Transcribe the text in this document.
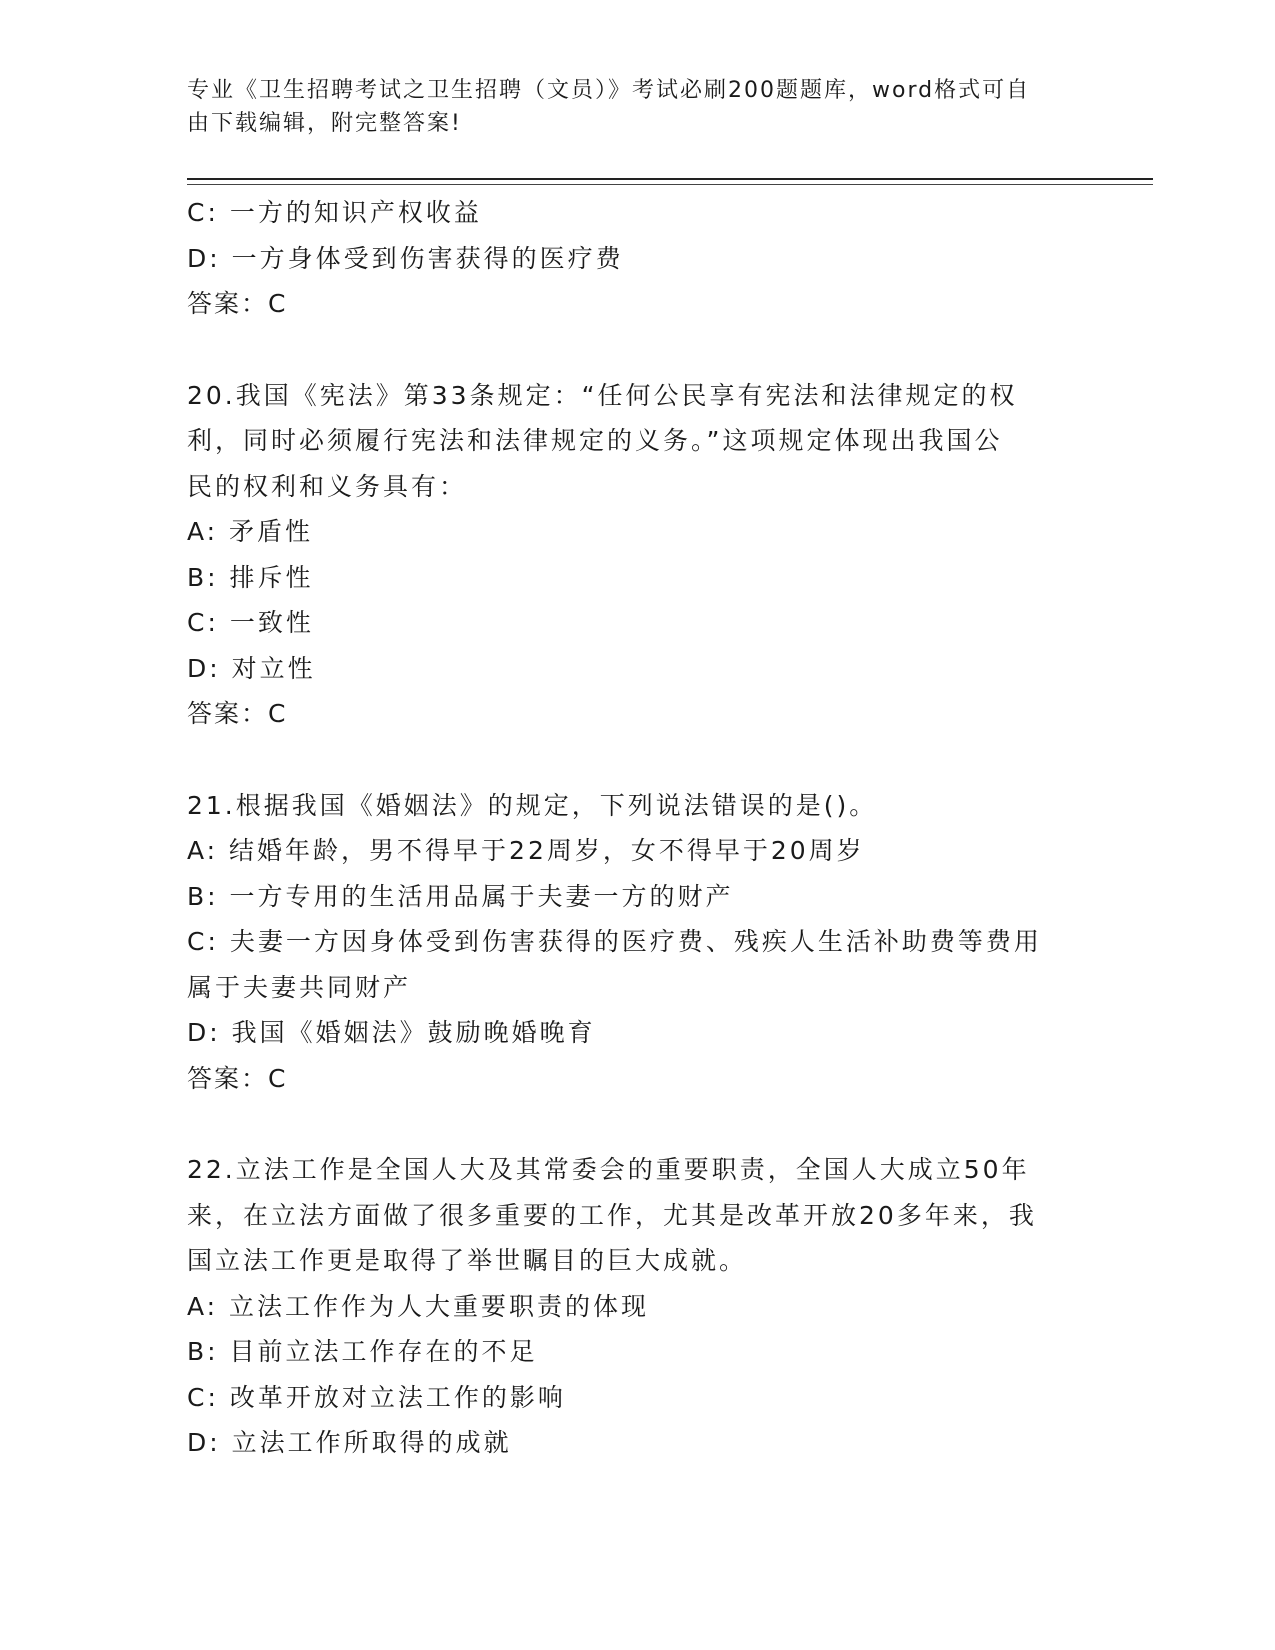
专业《卫生招聘考试之卫生招聘（文员）》考试必刷200题题库，word格式可自
由下载编辑，附完整答案!
C: 一方的知识产权收益
D: 一方身体受到伤害获得的医疗费
答案：C
20.我国《宪法》第33条规定：“任何公民享有宪法和法律规定的权
利，同时必须履行宪法和法律规定的义务。”这项规定体现出我国公
民的权利和义务具有：
A: 矛盾性
B: 排斥性
C: 一致性
D: 对立性
答案：C
21.根据我国《婚姻法》的规定，下列说法错误的是()。
A: 结婚年龄，男不得早于22周岁，女不得早于20周岁
B: 一方专用的生活用品属于夫妻一方的财产
C: 夫妻一方因身体受到伤害获得的医疗费、残疾人生活补助费等费用
属于夫妻共同财产
D: 我国《婚姻法》鼓励晚婚晚育
答案：C
22.立法工作是全国人大及其常委会的重要职责，全国人大成立50年
来，在立法方面做了很多重要的工作，尤其是改革开放20多年来，我
国立法工作更是取得了举世瞩目的巨大成就。
A: 立法工作作为人大重要职责的体现
B: 目前立法工作存在的不足
C: 改革开放对立法工作的影响
D: 立法工作所取得的成就
